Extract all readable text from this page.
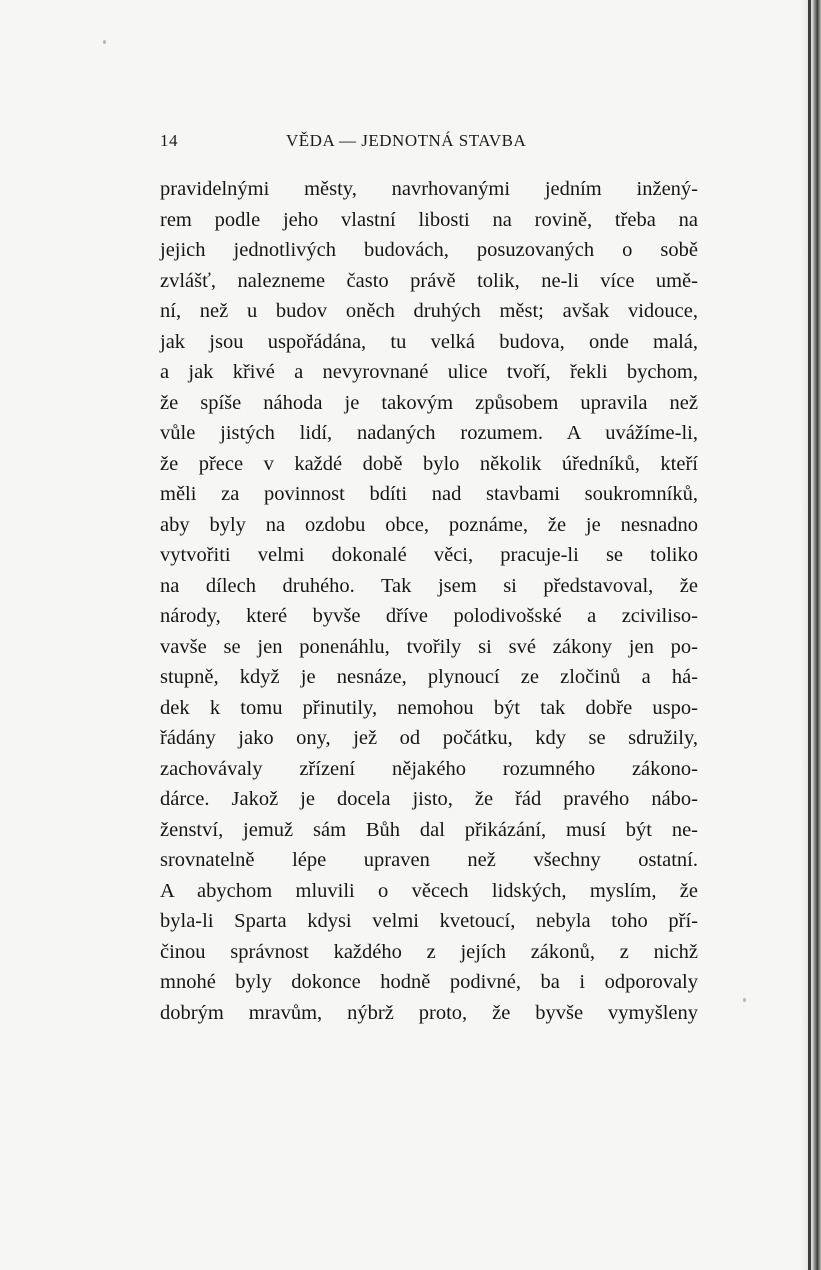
14	VĚDA — JEDNOTNÁ STAVBA
pravidelnými městy, navrhovanými jedním inžený-
rem podle jeho vlastní libosti na rovině, třeba na
jejich jednotlivých budovách, posuzovaných o sobě
zvlášť, nalezneme často právě tolik, ne-li více umě-
ní, než u budov oněch druhých měst; avšak vidouce,
jak jsou uspořádána, tu velká budova, onde malá,
a jak křivé a nevyrovnané ulice tvoří, řekli bychom,
že spíše náhoda je takovým způsobem upravila než
vůle jistých lidí, nadaných rozumem. A uvážíme-li,
že přece v každé době bylo několik úředníků, kteří
měli za povinnost bdíti nad stavbami soukromníků,
aby byly na ozdobu obce, poznáme, že je nesnadno
vytvořiti velmi dokonalé věci, pracuje-li se toliko
na dílech druhého. Tak jsem si představoval, že
národy, které byvše dříve polodivošské a zciviliso-
vavše se jen ponenáhlu, tvořily si své zákony jen po-
stupně, když je nesnáze, plynoucí ze zločinů a há-
dek k tomu přinutily, nemohou být tak dobře uspo-
řádány jako ony, jež od počátku, kdy se sdružily,
zachovávaly zřízení nějakého rozumného zákono-
dárce. Jakož je docela jisto, že řád pravého nábo-
ženství, jemuž sám Bůh dal přikázání, musí být ne-
srovnatelně lépe upraven než všechny ostatní.
A abychom mluvili o věcech lidských, myslím, že
byla-li Sparta kdysi velmi kvetoucí, nebyla toho pří-
činou správnost každého z jejích zákonů, z nichž
mnohé byly dokonce hodně podivné, ba i odporovaly
dobrým mravům, nýbrž proto, že byvše vymyšleny
